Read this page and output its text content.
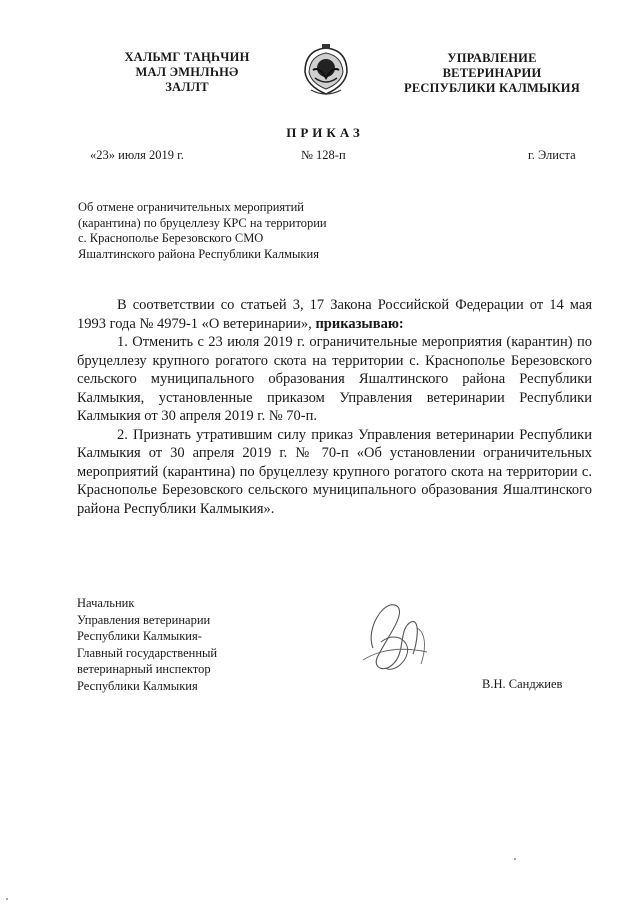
ХАЛЬМГ ТАҢҺЧИН
МАЛ ЭМНЛҺНӘ
ЗАЛЛТ
УПРАВЛЕНИЕ
ВЕТЕРИНАРИИ
РЕСПУБЛИКИ КАЛМЫКИЯ
ПРИКАЗ
«23» июля 2019 г.	№ 128-п	г. Элиста
Об отмене ограничительных мероприятий
(карантина) по бруцеллезу КРС на территории
с. Краснополье Березовского СМО
Яшалтинского района Республики Калмыкия

В соответствии со статьей 3, 17 Закона Российской Федерации от 14 мая 1993 года № 4979-1 «О ветеринарии», приказываю:

1. Отменить с 23 июля 2019 г. ограничительные мероприятия (карантин) по бруцеллезу крупного рогатого скота на территории с. Краснополье Березовского сельского муниципального образования Яшалтинского района Республики Калмыкия, установленные приказом Управления ветеринарии Республики Калмыкия от 30 апреля 2019 г. № 70-п.

2. Признать утратившим силу приказ Управления ветеринарии Республики Калмыкия от 30 апреля 2019 г. № 70-п «Об установлении ограничительных мероприятий (карантина) по бруцеллезу крупного рогатого скота на территории с. Краснополье Березовского сельского муниципального образования Яшалтинского района Республики Калмыкия».

Начальник
Управления ветеринарии
Республики Калмыкия-
Главный государственный
ветеринарный инспектор
Республики Калмыкия	В.Н. Санджиев
